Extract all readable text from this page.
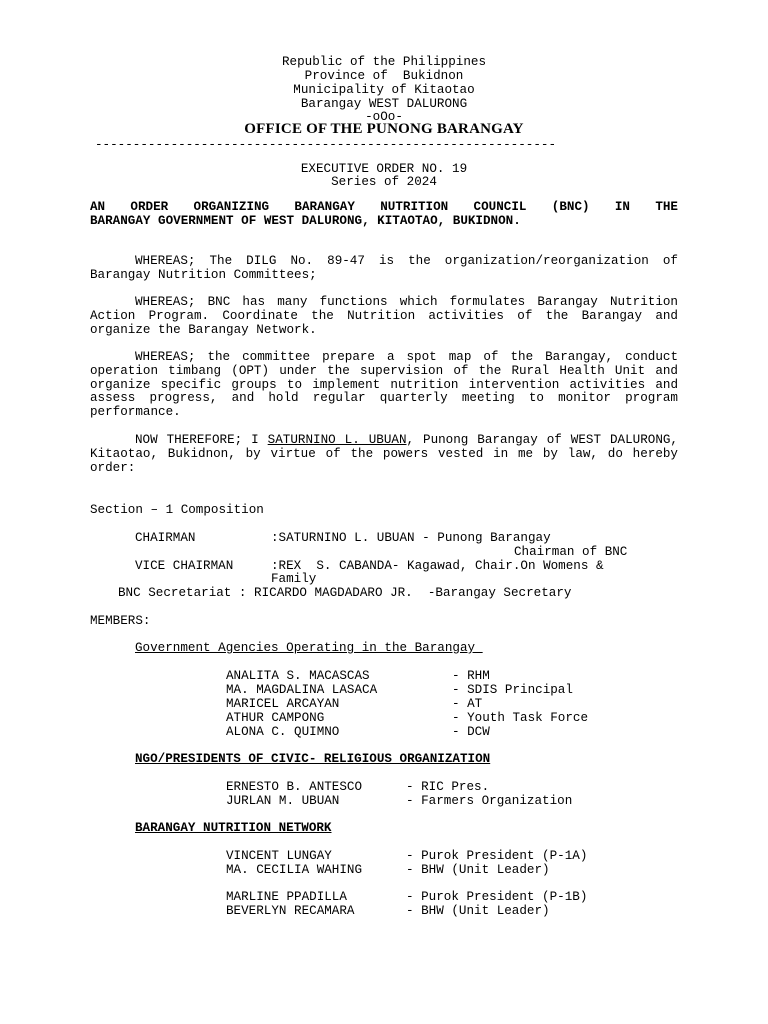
Republic of the Philippines
Province of  Bukidnon
Municipality of Kitaotao
Barangay WEST DALURONG
-oOo-
OFFICE OF THE PUNONG BARANGAY
-------------------------------------------------------------
EXECUTIVE ORDER NO. 19
Series of 2024
AN ORDER ORGANIZING BARANGAY NUTRITION COUNCIL (BNC) IN THE
BARANGAY GOVERNMENT OF WEST DALURONG, KITAOTAO, BUKIDNON.

WHEREAS; The DILG No. 89-47 is the organization/reorganization of Barangay Nutrition Committees;

WHEREAS; BNC has many functions which formulates Barangay Nutrition Action Program. Coordinate the Nutrition activities of the Barangay and organize the Barangay Network.

WHEREAS; the committee prepare a spot map of the Barangay, conduct operation timbang (OPT) under the supervision of the Rural Health Unit and organize specific groups to implement nutrition intervention activities and assess progress, and hold regular quarterly meeting to monitor program performance.

NOW THEREFORE; I SATURNINO L. UBUAN, Punong Barangay of WEST DALURONG, Kitaotao, Bukidnon, by virtue of the powers vested in me by law, do hereby order:

Section – 1 Composition
CHAIRMAN	:SATURNINO L. UBUAN - Punong Barangay
Chairman of BNC
VICE CHAIRMAN	:REX  S. CABANDA- Kagawad, Chair.On Womens &
Family
BNC Secretariat : RICARDO MAGDADARO JR.  -Barangay Secretary
MEMBERS:
Government Agencies Operating in the Barangay
ANALITA S. MACASCAS	- RHM
MA. MAGDALINA LASACA	- SDIS Principal
MARICEL ARCAYAN	- AT
ATHUR CAMPONG	- Youth Task Force
ALONA C. QUIMNO	- DCW
NGO/PRESIDENTS OF CIVIC- RELIGIOUS ORGANIZATION
ERNESTO B. ANTESCO	- RIC Pres.
JURLAN M. UBUAN	- Farmers Organization
BARANGAY NUTRITION NETWORK
VINCENT LUNGAY	- Purok President (P-1A)
MA. CECILIA WAHING	- BHW (Unit Leader)
MARLINE PPADILLA	- Purok President (P-1B)
BEVERLYN RECAMARA	- BHW (Unit Leader)
